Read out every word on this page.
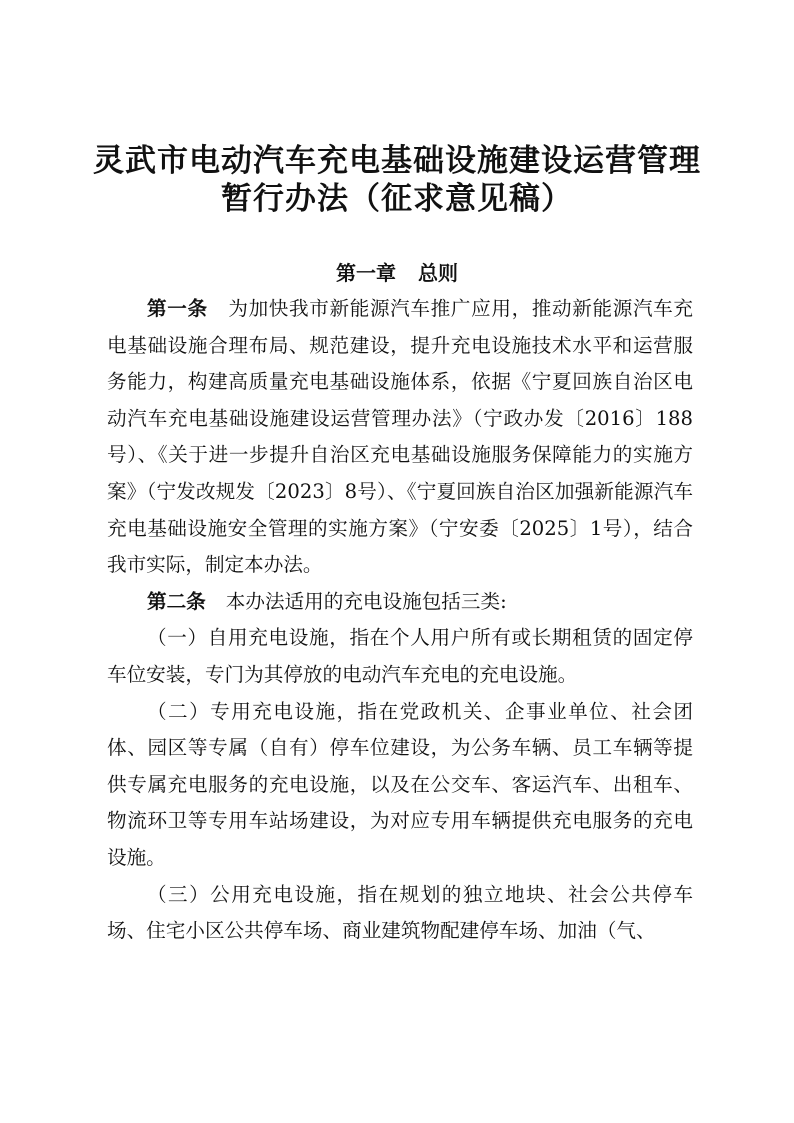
灵武市电动汽车充电基础设施建设运营管理
暂行办法（征求意见稿）
第一章 总则

第一条 为加快我市新能源汽车推广应用，推动新能源汽车充电基础设施合理布局、规范建设，提升充电设施技术水平和运营服务能力，构建高质量充电基础设施体系，依据《宁夏回族自治区电动汽车充电基础设施建设运营管理办法》（宁政办发〔2016〕188号）、《关于进一步提升自治区充电基础设施服务保障能力的实施方案》（宁发改规发〔2023〕8号）、《宁夏回族自治区加强新能源汽车充电基础设施安全管理的实施方案》（宁安委〔2025〕1号），结合我市实际，制定本办法。

第二条 本办法适用的充电设施包括三类:

（一）自用充电设施，指在个人用户所有或长期租赁的固定停车位安装，专门为其停放的电动汽车充电的充电设施。

（二）专用充电设施，指在党政机关、企事业单位、社会团体、园区等专属（自有）停车位建设，为公务车辆、员工车辆等提供专属充电服务的充电设施，以及在公交车、客运汽车、出租车、物流环卫等专用车站场建设，为对应专用车辆提供充电服务的充电设施。

（三）公用充电设施，指在规划的独立地块、社会公共停车场、住宅小区公共停车场、商业建筑物配建停车场、加油（气、
